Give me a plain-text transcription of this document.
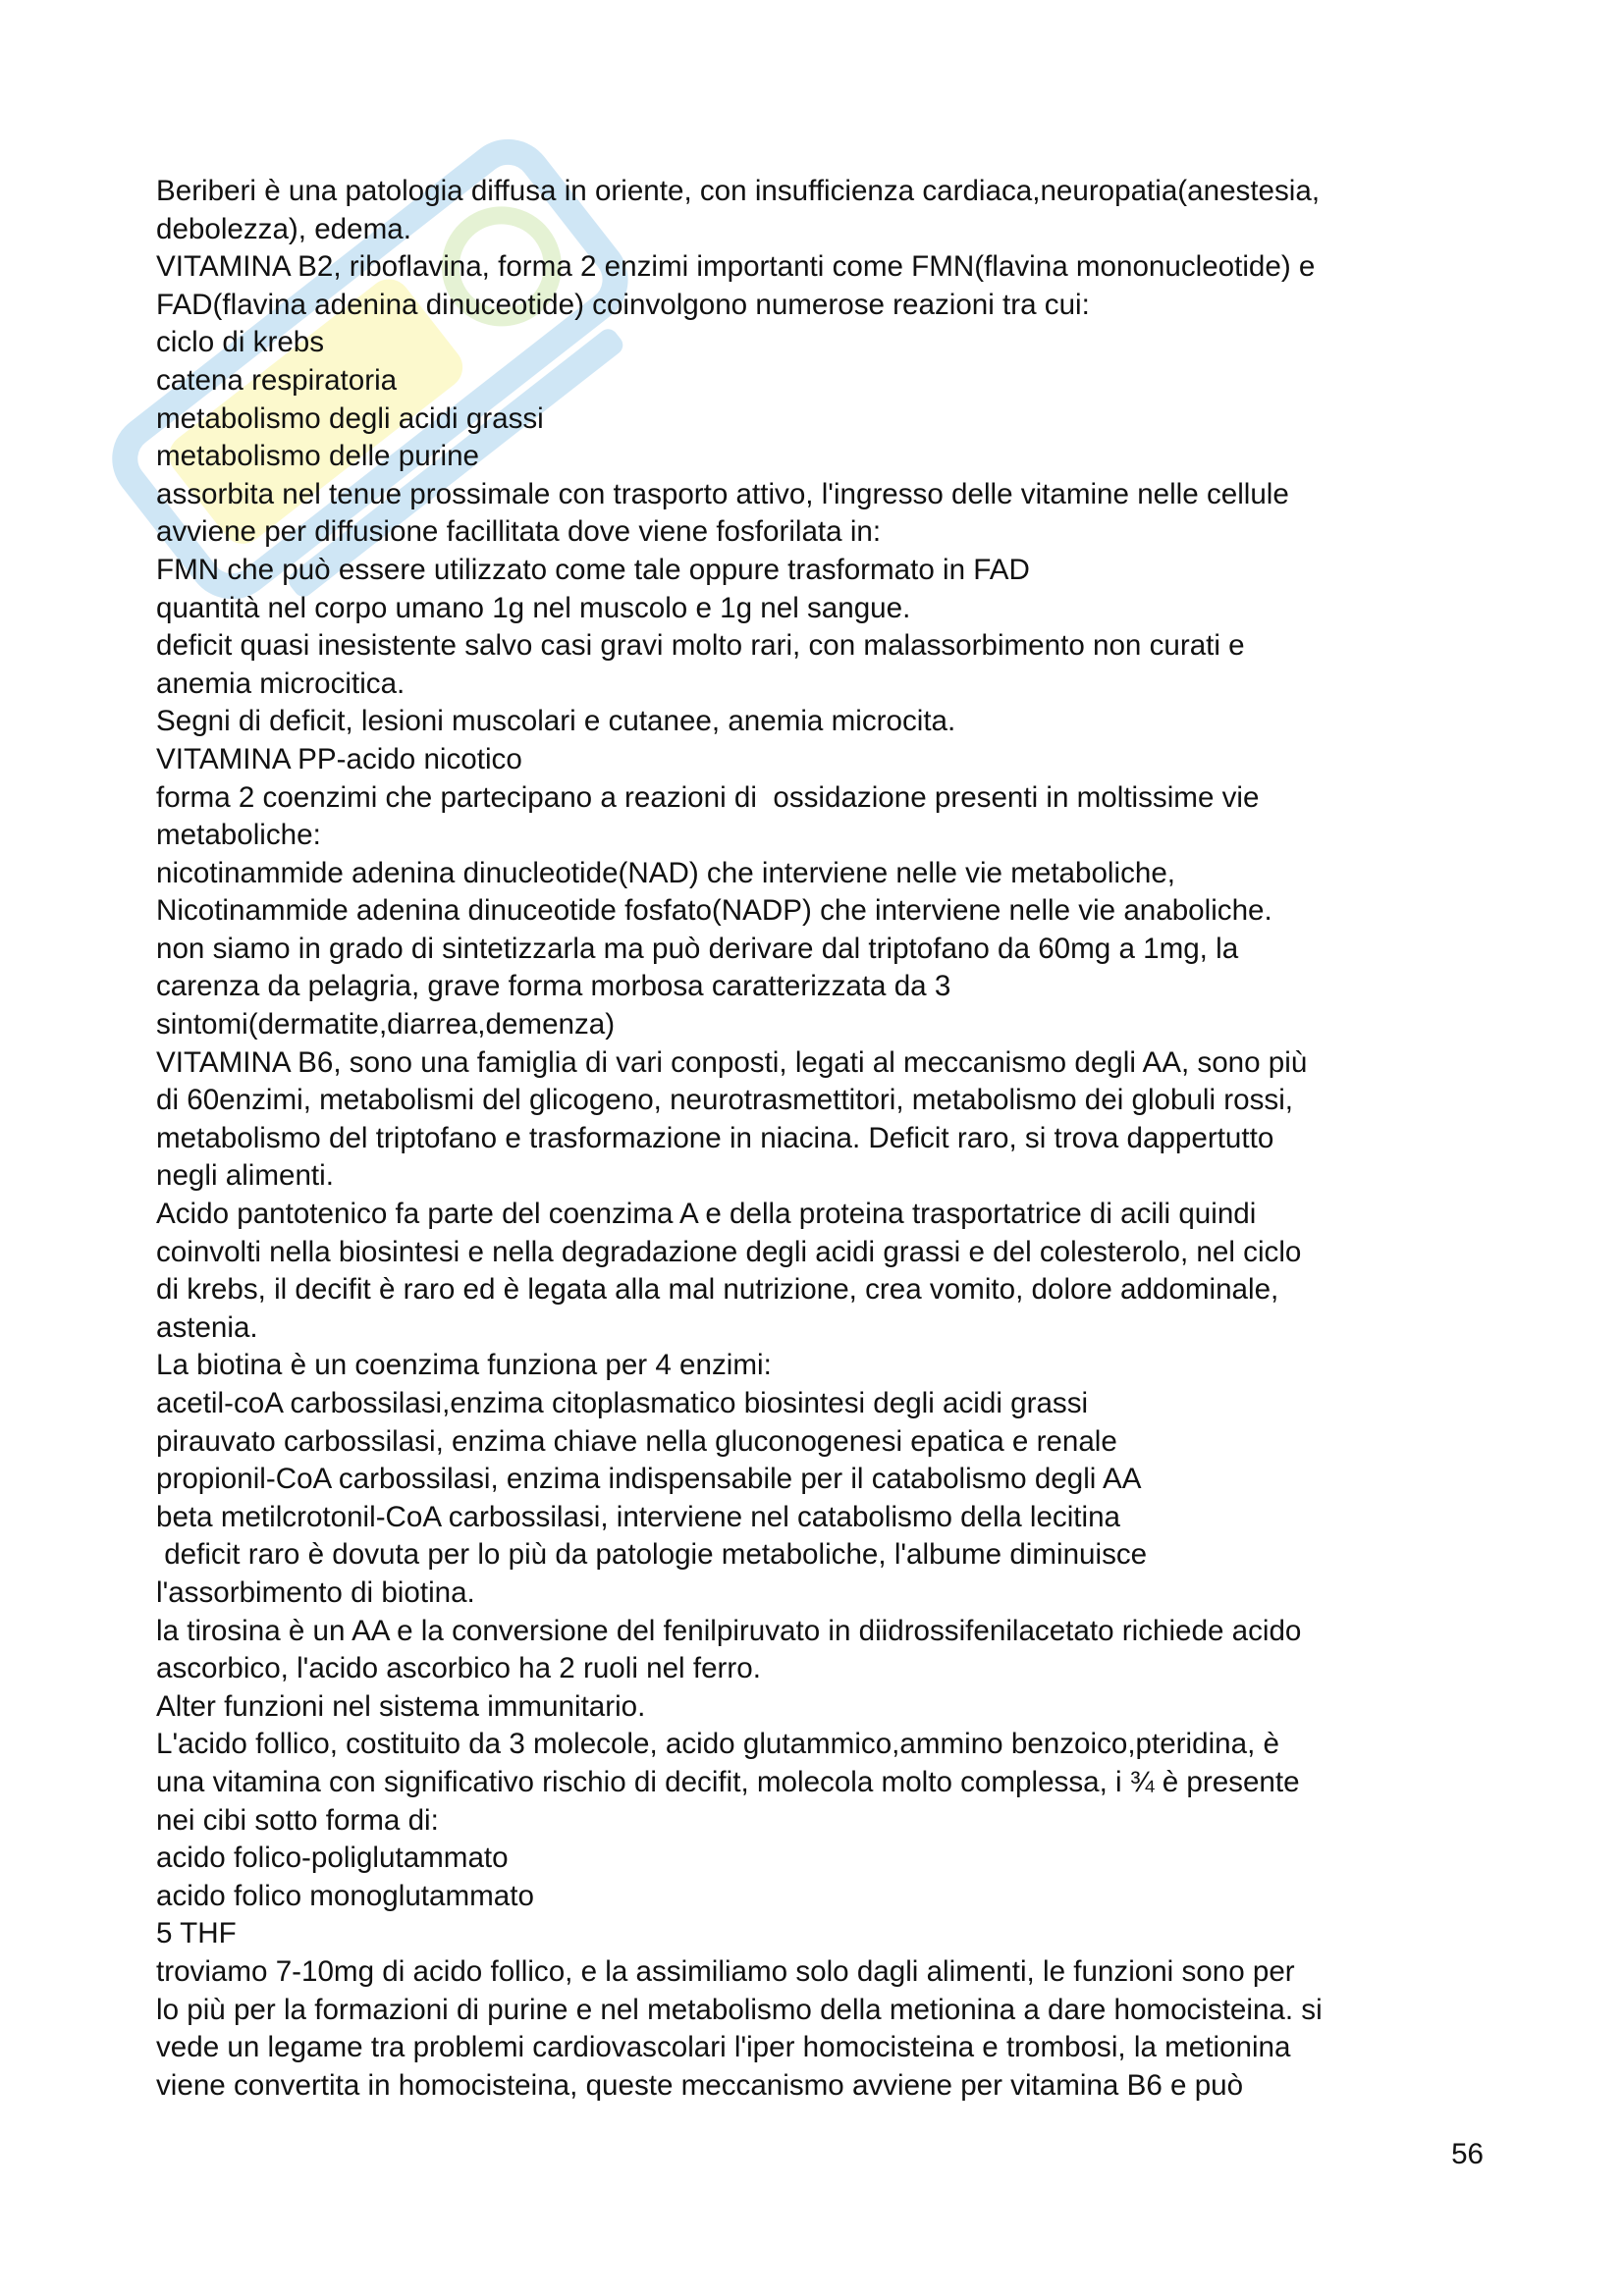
Beriberi è una patologia diffusa in oriente, con insufficienza cardiaca,neuropatia(anestesia,
debolezza), edema.
VITAMINA B2, riboflavina, forma 2 enzimi importanti come FMN(flavina mononucleotide) e
FAD(flavina adenina dinuceotide) coinvolgono numerose reazioni tra cui:
ciclo di krebs
catena respiratoria
metabolismo degli acidi grassi
metabolismo delle purine
assorbita nel tenue prossimale con trasporto attivo, l'ingresso delle vitamine nelle cellule
avviene per diffusione facillitata dove viene fosforilata in:
FMN che può essere utilizzato come tale oppure trasformato in FAD
quantità nel corpo umano 1g nel muscolo e 1g nel sangue.
deficit quasi inesistente salvo casi gravi molto rari, con malassorbimento non curati e
anemia microcitica.
Segni di deficit, lesioni muscolari e cutanee, anemia microcita.
VITAMINA PP-acido nicotico
forma 2 coenzimi che partecipano a reazioni di  ossidazione presenti in moltissime vie
metaboliche:
nicotinammide adenina dinucleotide(NAD) che interviene nelle vie metaboliche,
Nicotinammide adenina dinuceotide fosfato(NADP) che interviene nelle vie anaboliche.
non siamo in grado di sintetizzarla ma può derivare dal triptofano da 60mg a 1mg, la
carenza da pelagria, grave forma morbosa caratterizzata da 3
sintomi(dermatite,diarrea,demenza)
VITAMINA B6, sono una famiglia di vari conposti, legati al meccanismo degli AA, sono più
di 60enzimi, metabolismi del glicogeno, neurotrasmettitori, metabolismo dei globuli rossi,
metabolismo del triptofano e trasformazione in niacina. Deficit raro, si trova dappertutto
negli alimenti.
Acido pantotenico fa parte del coenzima A e della proteina trasportatrice di acili quindi
coinvolti nella biosintesi e nella degradazione degli acidi grassi e del colesterolo, nel ciclo
di krebs, il decifit è raro ed è legata alla mal nutrizione, crea vomito, dolore addominale,
astenia.
La biotina è un coenzima funziona per 4 enzimi:
acetil-coA carbossilasi,enzima citoplasmatico biosintesi degli acidi grassi
pirauvato carbossilasi, enzima chiave nella gluconogenesi epatica e renale
propionil-CoA carbossilasi, enzima indispensabile per il catabolismo degli AA
beta metilcrotonil-CoA carbossilasi, interviene nel catabolismo della lecitina
deficit raro è dovuta per lo più da patologie metaboliche, l'albume diminuisce
l'assorbimento di biotina.
la tirosina è un AA e la conversione del fenilpiruvato in diidrossifenilacetato richiede acido
ascorbico, l'acido ascorbico ha 2 ruoli nel ferro.
Alter funzioni nel sistema immunitario.
L'acido follico, costituito da 3 molecole, acido glutammico,ammino benzoico,pteridina, è
una vitamina con significativo rischio di decifit, molecola molto complessa, i ¾ è presente
nei cibi sotto forma di:
acido folico-poliglutammato
acido folico monoglutammato
5 THF
troviamo 7-10mg di acido follico, e la assimiliamo solo dagli alimenti, le funzioni sono per
lo più per la formazioni di purine e nel metabolismo della metionina a dare homocisteina. si
vede un legame tra problemi cardiovascolari l'iper homocisteina e trombosi, la metionina
viene convertita in homocisteina, queste meccanismo avviene per vitamina B6 e può
56
